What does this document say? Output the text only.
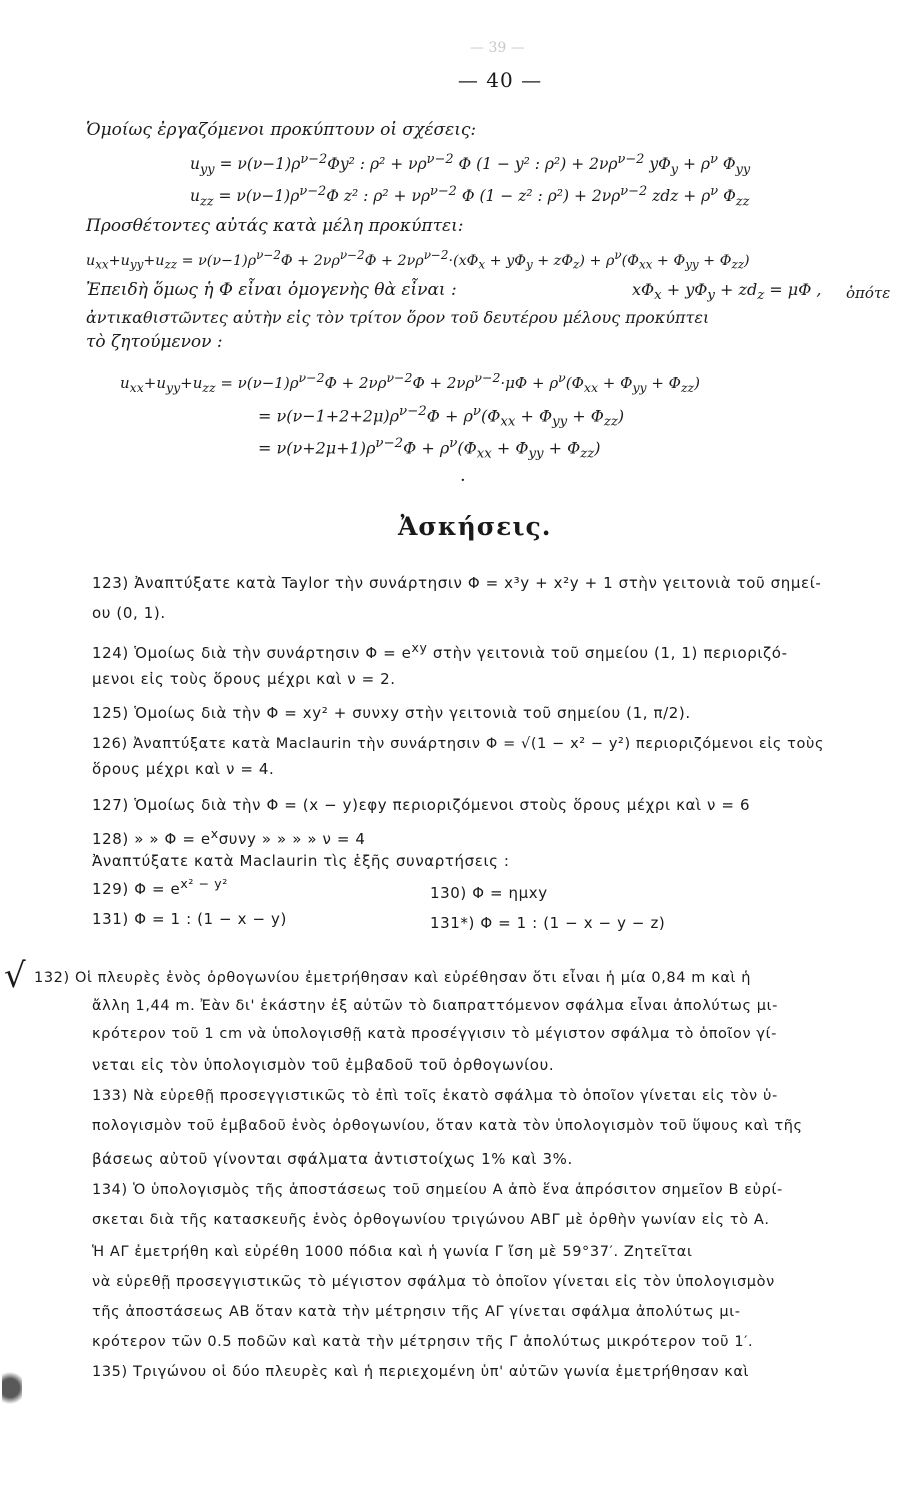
— 39 —
— 40 —
Ὁμοίως ἐργαζόμενοι προκύπτουν οἱ σχέσεις:
$u_{yy} = \nu(\nu-1)\rho^{\nu-2}\Phi y^2$ : $\rho^2 + \nu\rho^{\nu-2}$ Φ (1 − y² : $\rho^2) + 2\nu\rho^{\nu-2}$ $y\Phi_y + \rho^\nu$ $\Phi_{yy}$
$u_{zz} = \nu(\nu-1)\rho^{\nu-2}\Phi$ z² : $\rho^2 + \nu\rho^{\nu-2}$ Φ (1 − z² : $\rho^2) + 2\nu\rho^{\nu-2}$ zdz + $\rho^\nu$ $\Phi_{zz}$
Προσθέτοντες αὐτάς κατὰ μέλη προκύπτει:
$u_{xx}+u_{yy}+u_{zz} = \nu(\nu-1)\rho^{\nu-2}\Phi + 2\nu\rho^{\nu-2}\Phi + 2\nu\rho^{\nu-2}\cdot(x\Phi_x + y\Phi_y + z\Phi_z) + \rho^\nu(\Phi_{xx} + \Phi_{yy} + \Phi_{zz})$
Ἐπειδὴ ὅμως ἡ Φ εἶναι ὁμογενὴς θὰ εἶναι :	$x\Phi_x + y\Phi_y + zd_z = \mu\Phi$ , ὁπότε
ἀντικαθιστῶντες αὐτὴν εἰς τὸν τρίτον ὅρον τοῦ δευτέρου μέλους προκύπτει
τὸ ζητούμενον :
$u_{xx}+u_{yy}+u_{zz} = \nu(\nu-1)\rho^{\nu-2}\Phi + 2\nu\rho^{\nu-2}\Phi + 2\nu\rho^{\nu-2}\cdot\mu\Phi + \rho^\nu(\Phi_{xx} + \Phi_{yy} + \Phi_{zz})$
= $\nu(\nu-1+2+2\mu)\rho^{\nu-2}\Phi + \rho^\nu(\Phi_{xx} + \Phi_{yy} + \Phi_{zz})$
= $\nu(\nu+2\mu+1)\rho^{\nu-2}\Phi + \rho^\nu(\Phi_{xx} + \Phi_{yy} + \Phi_{zz})$
·
Ἀσκήσεις.
123) Ἀναπτύξατε κατὰ Taylor τὴν συνάρτησιν Φ = x³y + x²y + 1 στὴν γειτονιὰ τοῦ σημεί-
ου (0, 1).
124) Ὁμοίως διὰ τὴν συνάρτησιν $\Phi = e^{xy}$ στὴν γειτονιὰ τοῦ σημείου (1, 1) περιοριζό-
μενοι εἰς τοὺς ὅρους μέχρι καὶ ν = 2.
125) Ὁμοίως διὰ τὴν Φ = xy² + συνxy στὴν γειτονιὰ τοῦ σημείου (1, π/2).
126) Ἀναπτύξατε κατὰ Maclaurin τὴν συνάρτησιν Φ = √(1 − x² − y²) περιοριζόμενοι εἰς τοὺς
ὅρους μέχρι καὶ ν = 4.
127) Ὁμοίως διὰ τὴν Φ = (x − y)εφy περιοριζόμενοι στοὺς ὅρους μέχρι καὶ ν = 6
128) » » $\Phi = e^x\sigma\upsilon\nu y$ » » » » ν = 4
Ἀναπτύξατε κατὰ Maclaurin τὶς ἑξῆς συναρτήσεις :
129) $\Phi = e^{x^2 - y^2}$
130) Φ = ημxy
131) Φ = 1 : (1 − x − y)	131*) Φ = 1 : (1 − x − y − z)
√ 132) Οἱ πλευρὲς ἑνὸς ὀρθογωνίου ἐμετρήθησαν καὶ εὑρέθησαν ὅτι εἶναι ἡ μία 0,84 m καὶ ἡ
ἄλλη 1,44 m. Ἐὰν δι' ἑκάστην ἐξ αὐτῶν τὸ διαπραττόμενον σφάλμα εἶναι ἀπολύτως μι-
κρότερον τοῦ 1 cm νὰ ὑπολογισθῇ κατὰ προσέγγισιν τὸ μέγιστον σφάλμα τὸ ὁποῖον γί-
νεται εἰς τὸν ὑπολογισμὸν τοῦ ἐμβαδοῦ τοῦ ὀρθογωνίου.
133) Νὰ εὑρεθῇ προσεγγιστικῶς τὸ ἐπὶ τοῖς ἑκατὸ σφάλμα τὸ ὁποῖον γίνεται εἰς τὸν ὑ-
πολογισμὸν τοῦ ἐμβαδοῦ ἑνὸς ὀρθογωνίου, ὅταν κατὰ τὸν ὑπολογισμὸν τοῦ ὕψους καὶ τῆς
βάσεως αὐτοῦ γίνονται σφάλματα ἀντιστοίχως 1% καὶ 3%.
134) Ὁ ὑπολογισμὸς τῆς ἀποστάσεως τοῦ σημείου Α ἀπὸ ἕνα ἀπρόσιτον σημεῖον Β εὑρί-
σκεται διὰ τῆς κατασκευῆς ἑνὸς ὀρθογωνίου τριγώνου ΑΒΓ μὲ ὀρθὴν γωνίαν εἰς τὸ Α.
Ἡ ΑΓ ἐμετρήθη καὶ εὑρέθη 1000 πόδια καὶ ἡ γωνία Γ ἴση μὲ 59°37′. Ζητεῖται
νὰ εὑρεθῇ προσεγγιστικῶς τὸ μέγιστον σφάλμα τὸ ὁποῖον γίνεται εἰς τὸν ὑπολογισμὸν
τῆς ἀποστάσεως ΑΒ ὅταν κατὰ τὴν μέτρησιν τῆς ΑΓ γίνεται σφάλμα ἀπολύτως μι-
κρότερον τῶν 0.5 ποδῶν καὶ κατὰ τὴν μέτρησιν τῆς Γ ἀπολύτως μικρότερον τοῦ 1′.
135) Τριγώνου οἱ δύο πλευρὲς καὶ ἡ περιεχομένη ὑπ' αὐτῶν γωνία ἐμετρήθησαν καὶ
